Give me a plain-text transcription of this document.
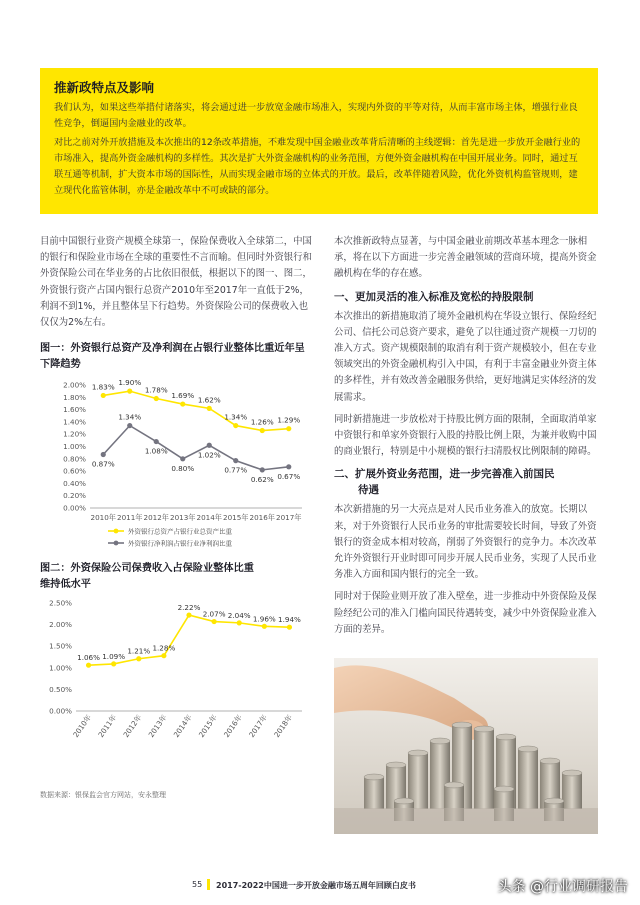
推新政特点及影响

我们认为，如果这些举措付诸落实，将会通过进一步放宽金融市场准入，实现内外资的平等对待，从而丰富市场主体，增强行业良性竞争，倒逼国内金融业的改革。

对比之前对外开放措施及本次推出的12条改革措施，不难发现中国金融业改革背后清晰的主线逻辑：首先是进一步放开金融行业的市场准入，提高外资金融机构的多样性。其次是扩大外资金融机构的业务范围，方便外资金融机构在中国开展业务。同时，通过互联互通等机制，扩大资本市场的国际性，从而实现金融市场的立体式的开放。最后，改革伴随着风险，优化外资机构监管规则，建立现代化监管体制，亦是金融改革中不可或缺的部分。

目前中国银行业资产规模全球第一，保险保费收入全球第二，中国的银行和保险业市场在全球的重要性不言而喻。但同时外资银行和外资保险公司在华业务的占比依旧很低，根据以下的图一、图二，外资银行资产占国内银行总资产2010年至2017年一直低于2%，利润不到1%，并且整体呈下行趋势。外资保险公司的保费收入也仅仅为2%左右。

图一：外资银行总资产及净利润在占银行业整体比重近年呈下降趋势
0.00%
0.20%
0.40%
0.60%
0.80%
1.00%
1.20%
1.40%
1.60%
1.80%
2.00%
2010年 2011年 2012年 2013年 2014年 2015年 2016年 2017年
1.83% 1.90%
1.78%
1.69% 1.62%
1.34%
1.26% 1.29%
0.87%
1.34%
1.08%
0.80%
1.02%
0.77%
0.62% 0.67%
外资银行总资产占银行业总资产比重
外资银行净利润占银行业净利润比重
图二：外资保险公司保费收入占保险业整体比重
维持低水平
0.00%
0.50%
1.00%
1.50%
2.00%
2.50%
2010年 2011年 2012年 2013年 2014年 2015年 2016年 2017年 2018年
1.06% 1.09%
1.21% 1.28%
2.22%
2.07% 2.04% 1.96% 1.94%
数据来源：银保监会官方网站，安永整理

本次推新政特点显著，与中国金融业前期改革基本理念一脉相承，将在以下方面进一步完善金融领域的营商环境，提高外资金融机构在华的存在感。

一、更加灵活的准入标准及宽松的持股限制

本次推出的新措施取消了境外金融机构在华设立银行、保险经纪公司、信托公司总资产要求，避免了以往通过资产规模一刀切的准入方式。资产规模限制的取消有利于资产规模较小，但在专业领域突出的外资金融机构引入中国，有利于丰富金融业外资主体的多样性，并有效改善金融服务供给，更好地满足实体经济的发展需求。

同时新措施进一步放松对于持股比例方面的限制，全面取消单家中资银行和单家外资银行入股的持股比例上限，为兼并收购中国的商业银行，特别是中小规模的银行扫清股权比例限制的障碍。

二、扩展外资业务范围，进一步完善准入前国民
待遇

本次新措施的另一大亮点是对人民币业务准入的放宽。长期以来，对于外资银行人民币业务的审批需要较长时间，导致了外资银行的资金成本相对较高，削弱了外资银行的竞争力。本次改革允许外资银行开业时即可同步开展人民币业务，实现了人民币业务准入方面和国内银行的完全一致。

同时对于保险业则开放了准入壁垒，进一步推动中外资保险及保险经纪公司的准入门槛向国民待遇转变，减少中外资保险业准入方面的差异。

55 2017-2022中国进一步开放金融市场五周年回顾白皮书	头条 @行业调研报告
